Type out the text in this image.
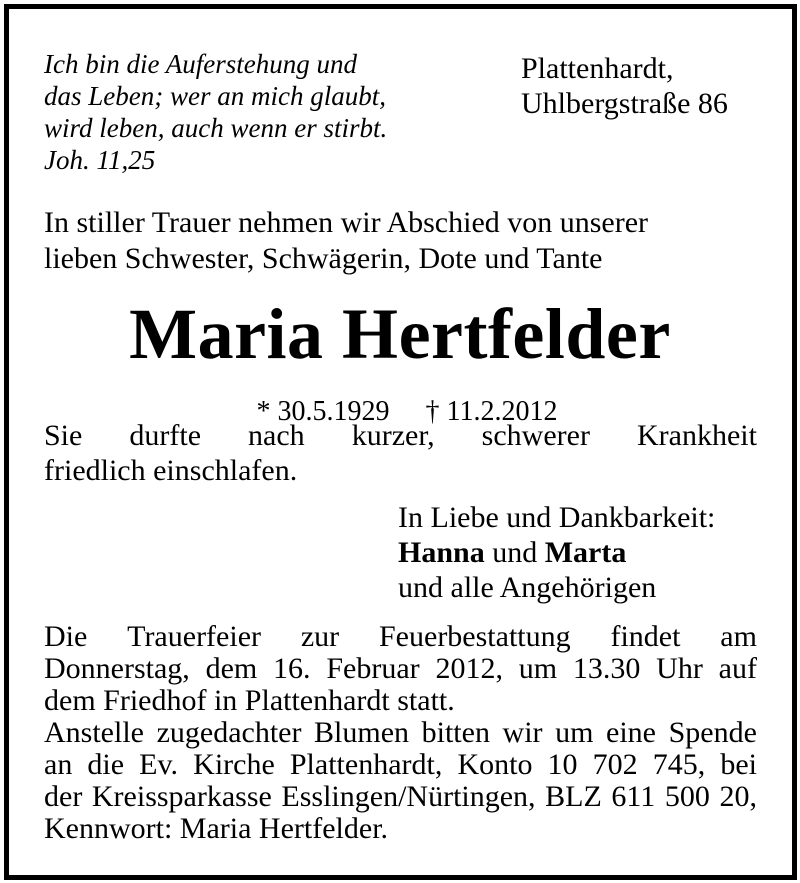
Ich bin die Auferstehung und
das Leben; wer an mich glaubt,
wird leben, auch wenn er stirbt.
Joh. 11,25
Plattenhardt,
Uhlbergstraße 86
In stiller Trauer nehmen wir Abschied von unserer
lieben Schwester, Schwägerin, Dote und Tante
Maria Hertfelder

* 30.5.1929 † 11.2.2012

Sie durfte nach kurzer, schwerer Krankheit
friedlich einschlafen.
In Liebe und Dankbarkeit:
Hanna und Marta
und alle Angehörigen
Die Trauerfeier zur Feuerbestattung findet am
Donnerstag, dem 16. Februar 2012, um 13.30 Uhr auf
dem Friedhof in Plattenhardt statt.
Anstelle zugedachter Blumen bitten wir um eine Spende
an die Ev. Kirche Plattenhardt, Konto 10 702 745, bei
der Kreissparkasse Esslingen/Nürtingen, BLZ 611 500 20,
Kennwort: Maria Hertfelder.
